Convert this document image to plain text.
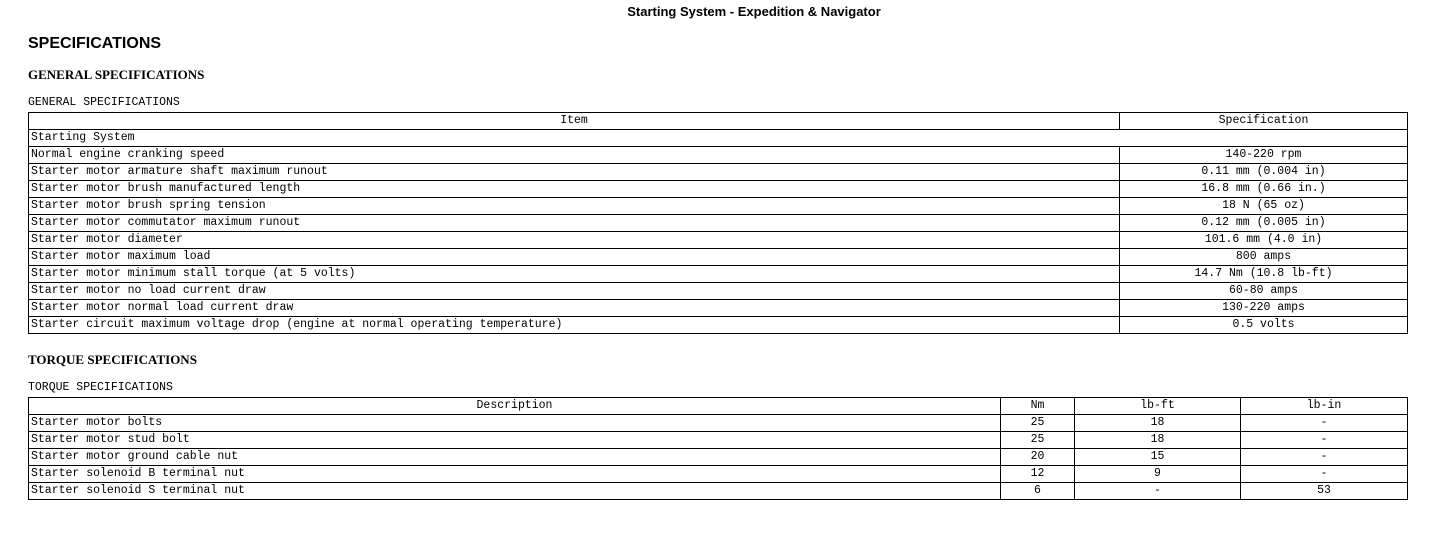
Starting System - Expedition & Navigator
SPECIFICATIONS
GENERAL SPECIFICATIONS
GENERAL SPECIFICATIONS
Item	Specification
Starting System	
Normal engine cranking speed	140-220 rpm
Starter motor armature shaft maximum runout	0.11 mm (0.004 in)
Starter motor brush manufactured length	16.8 mm (0.66 in.)
Starter motor brush spring tension	18 N (65 oz)
Starter motor commutator maximum runout	0.12 mm (0.005 in)
Starter motor diameter	101.6 mm (4.0 in)
Starter motor maximum load	800 amps
Starter motor minimum stall torque (at 5 volts)	14.7 Nm (10.8 lb-ft)
Starter motor no load current draw	60-80 amps
Starter motor normal load current draw	130-220 amps
Starter circuit maximum voltage drop (engine at normal operating temperature)	0.5 volts
TORQUE SPECIFICATIONS
TORQUE SPECIFICATIONS
Description	Nm	lb-ft	lb-in
Starter motor bolts	25	18	-
Starter motor stud bolt	25	18	-
Starter motor ground cable nut	20	15	-
Starter solenoid B terminal nut	12	9	-
Starter solenoid S terminal nut	6	-	53
